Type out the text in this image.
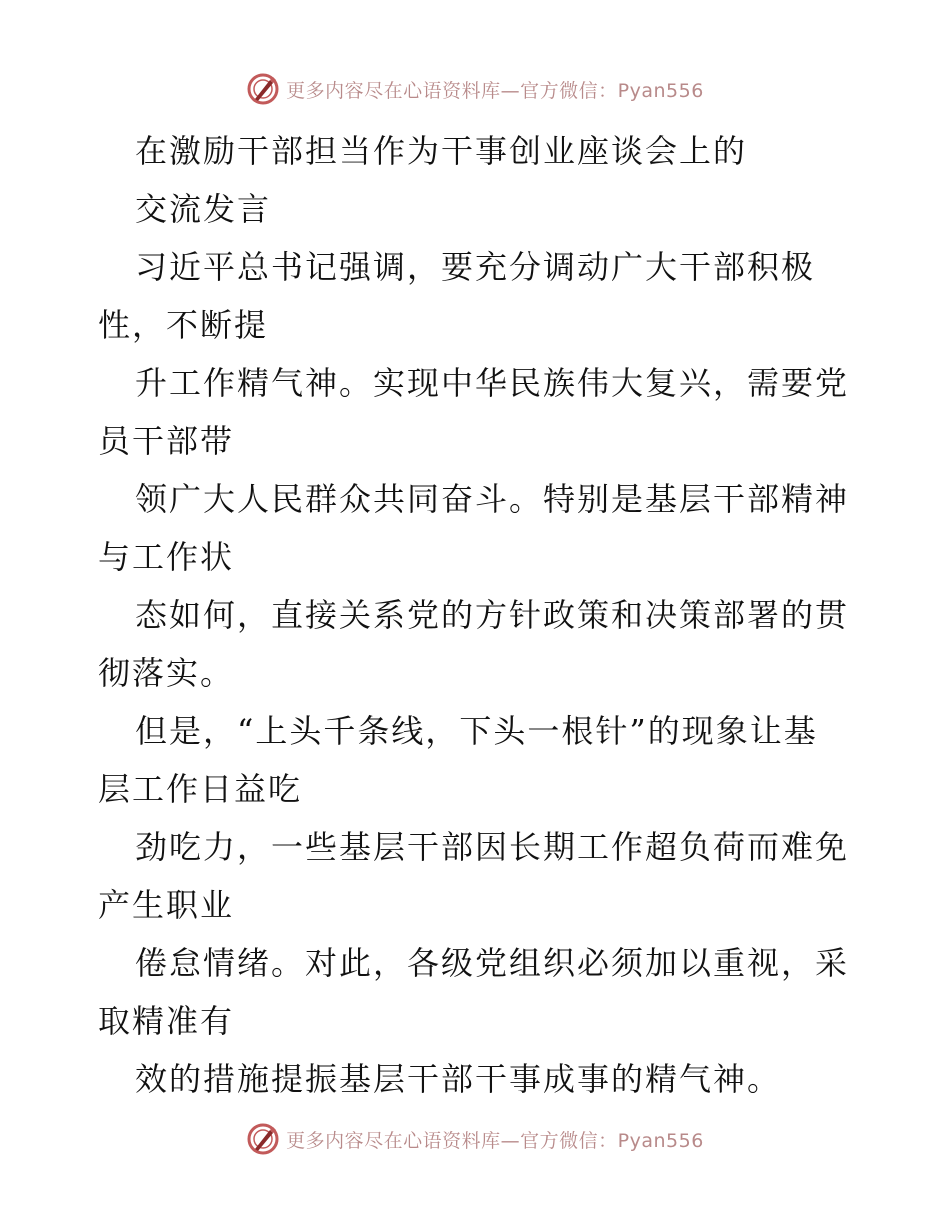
更多内容尽在心语资料库—官方微信：Pyan556

在激励干部担当作为干事创业座谈会上的

交流发言

习近平总书记强调，要充分调动广大干部积极

性，不断提

升工作精气神。实现中华民族伟大复兴，需要党

员干部带

领广大人民群众共同奋斗。特别是基层干部精神

与工作状

态如何，直接关系党的方针政策和决策部署的贯

彻落实。

但是，“上头千条线，下头一根针”的现象让基

层工作日益吃

劲吃力，一些基层干部因长期工作超负荷而难免

产生职业

倦怠情绪。对此，各级党组织必须加以重视，采

取精准有

效的措施提振基层干部干事成事的精气神。

更多内容尽在心语资料库—官方微信：Pyan556
